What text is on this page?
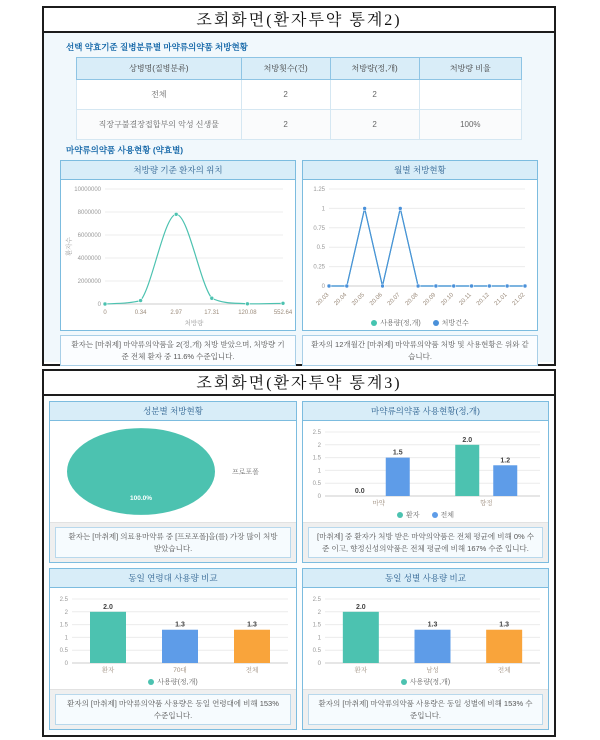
조회화면(환자투약 통계2)
선택 약효기준 질병분류별 마약류의약품 처방현황
상병명(질병분류)	처방횟수(건)	처방량(정,개)	처방량 비율
전체	2	2	
직장구불결장접합부의 악성 신생물	2	2	100%
마약류의약품 사용현황 (약효별)
처방량 기준 환자의 위치
0
2000000
4000000
6000000
8000000
10000000
0	0.34	2.97	17.31	120.08	552.64
처방량
환자수
환자는 [마취제] 마약류의약품을 2(정,개) 처방 받았으며, 처방량 기준 전체 환자 중 11.6% 수준입니다.
월별 처방현황
0
0.25
0.5
0.75
1
1.25
20.03 20.04 20.05 20.06 20.07 20.08 20.09 20.10 20.11 20.12 21.01 21.02
사용량(정,개)	처방건수
환자의 12개월간 [마취제] 마약류의약품 처방 및 사용현황은 위와 같습니다.
조회화면(환자투약 통계3)
성분별 처방현황
100.0%
프로포폴
환자는 [마취제] 의료용마약류 중 [프로포폴]을(를) 가장 많이 처방 받았습니다.
마약류의약품 사용현황(정,개)
0
0.5
1
1.5
2
2.5
마약
0.0
1.5
향정
2.0
1.2
환자	전체
[마취제] 중 환자가 처방 받은 마약의약품은 전체 평균에 비해 0% 수준 이고, 향정신성의약품은 전체 평균에 비해 167% 수준 입니다.
동일 연령대 사용량 비교
0
0.5
1
1.5
2
2.5
2.0
환자
1.3
70대
1.3
전체
사용량(정,개)
환자의 [마취제] 마약류의약품 사용량은 동일 연령대에 비해 153% 수준입니다.
동일 성별 사용량 비교
0
0.5
1
1.5
2
2.5
2.0
환자
1.3
남성
1.3
전체
사용량(정,개)
환자의 [마취제] 마약류의약품 사용량은 동일 성별에 비해 153% 수준입니다.
